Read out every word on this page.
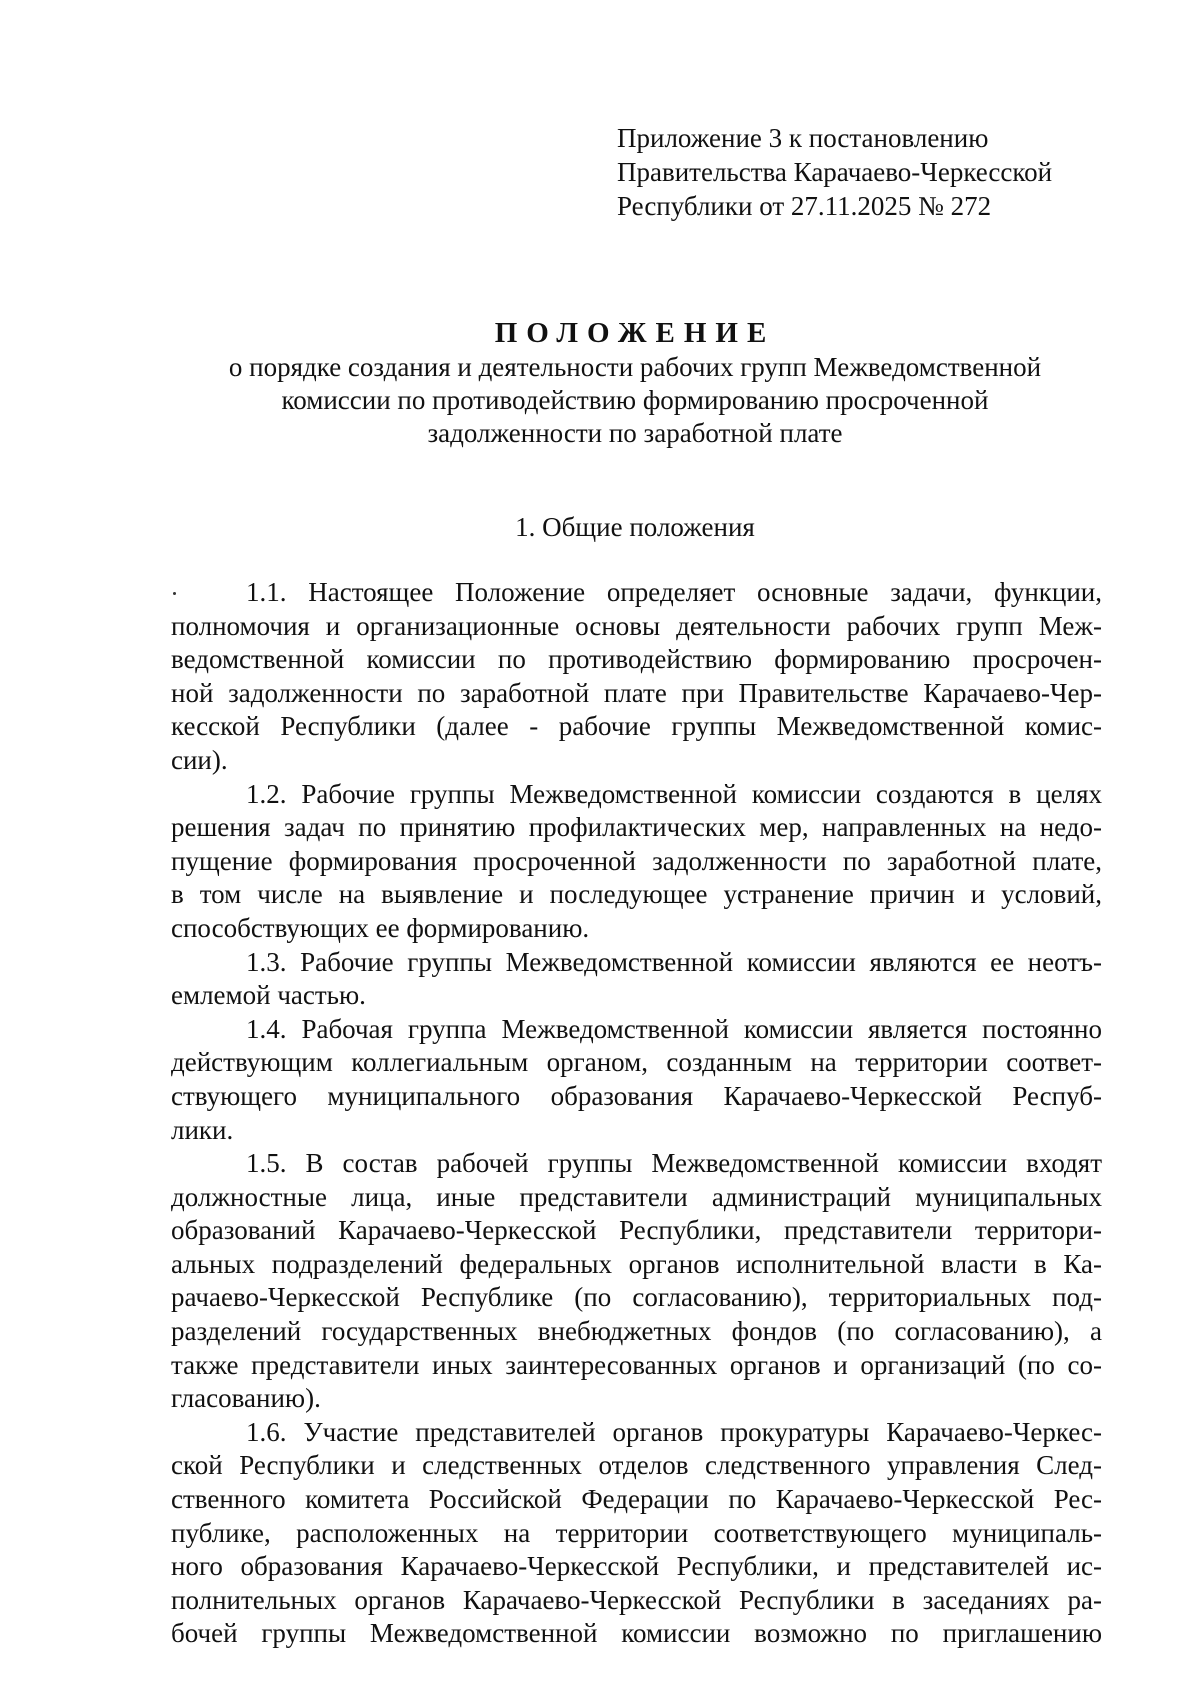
Приложение 3 к постановлению
Правительства Карачаево-Черкесской
Республики от 27.11.2025 № 272
ПОЛОЖЕНИЕ
о порядке создания и деятельности рабочих групп Межведомственной
комиссии по противодействию формированию просроченной
задолженности по заработной плате
1. Общие положения
1.1. Настоящее Положение определяет основные задачи, функции,
полномочия и организационные основы деятельности рабочих групп Меж-
ведомственной комиссии по противодействию формированию просрочен-
ной задолженности по заработной плате при Правительстве Карачаево-Чер-
кесской Республики (далее - рабочие группы Межведомственной комис-
сии).
1.2. Рабочие группы Межведомственной комиссии создаются в целях
решения задач по принятию профилактических мер, направленных на недо-
пущение формирования просроченной задолженности по заработной плате,
в том числе на выявление и последующее устранение причин и условий,
способствующих ее формированию.
1.3. Рабочие группы Межведомственной комиссии являются ее неотъ-
емлемой частью.
1.4. Рабочая группа Межведомственной комиссии является постоянно
действующим коллегиальным органом, созданным на территории соответ-
ствующего муниципального образования Карачаево-Черкесской Респуб-
лики.
1.5. В состав рабочей группы Межведомственной комиссии входят
должностные лица, иные представители администраций муниципальных
образований Карачаево-Черкесской Республики, представители территори-
альных подразделений федеральных органов исполнительной власти в Ка-
рачаево-Черкесской Республике (по согласованию), территориальных под-
разделений государственных внебюджетных фондов (по согласованию), а
также представители иных заинтересованных органов и организаций (по со-
гласованию).
1.6. Участие представителей органов прокуратуры Карачаево-Черкес-
ской Республики и следственных отделов следственного управления След-
ственного комитета Российской Федерации по Карачаево-Черкесской Рес-
публике, расположенных на территории соответствующего муниципаль-
ного образования Карачаево-Черкесской Республики, и представителей ис-
полнительных органов Карачаево-Черкесской Республики в заседаниях ра-
бочей группы Межведомственной комиссии возможно по приглашению
